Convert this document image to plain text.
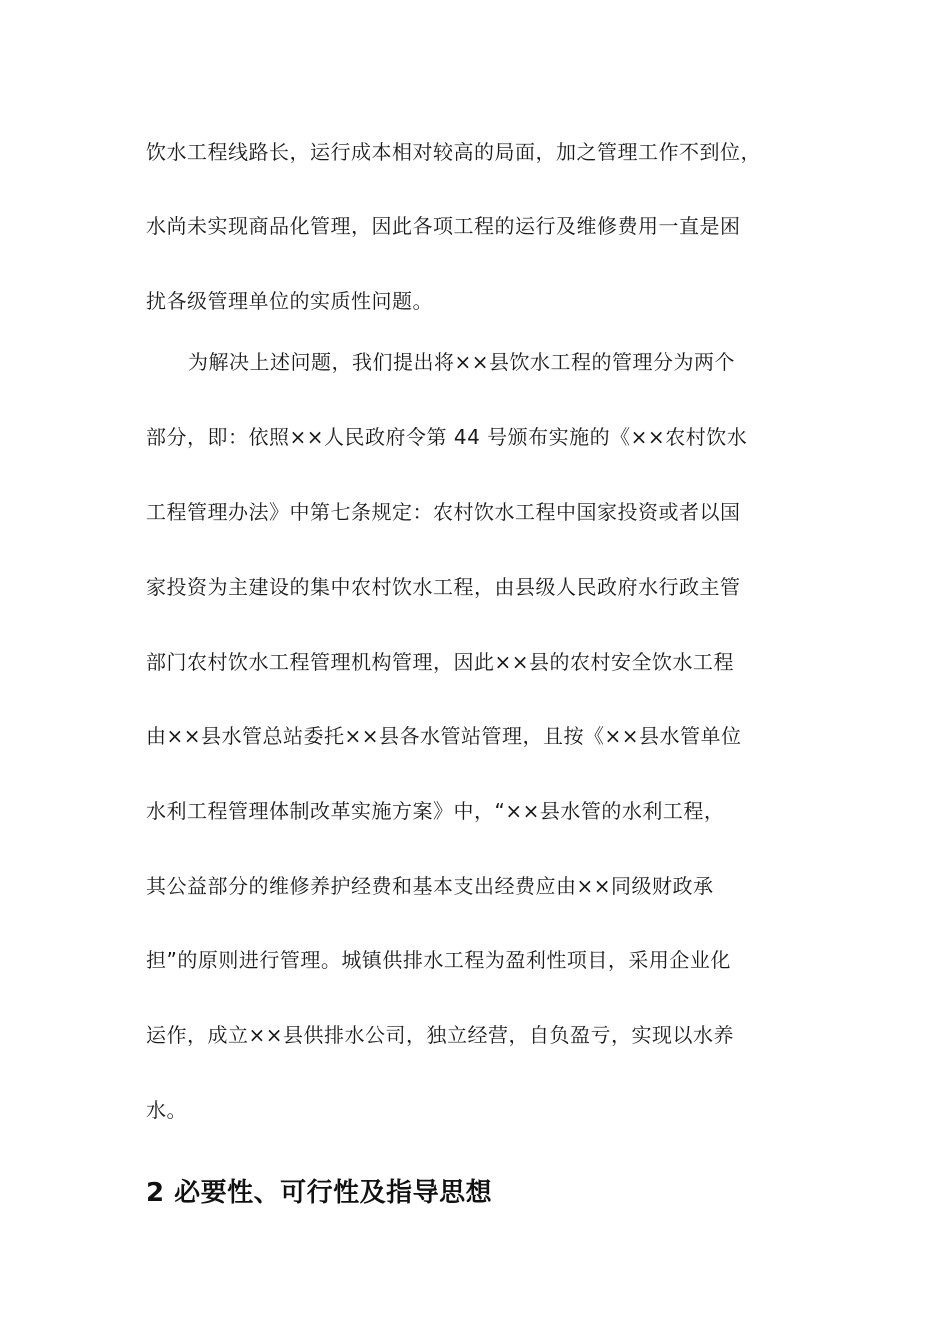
饮水工程线路长，运行成本相对较高的局面，加之管理工作不到位，
水尚未实现商品化管理，因此各项工程的运行及维修费用一直是困
扰各级管理单位的实质性问题。
为解决上述问题，我们提出将××县饮水工程的管理分为两个
部分，即：依照××人民政府令第 44 号颁布实施的《××农村饮水
工程管理办法》中第七条规定：农村饮水工程中国家投资或者以国
家投资为主建设的集中农村饮水工程，由县级人民政府水行政主管
部门农村饮水工程管理机构管理，因此××县的农村安全饮水工程
由××县水管总站委托××县各水管站管理，且按《××县水管单位
水利工程管理体制改革实施方案》中，“××县水管的水利工程，
其公益部分的维修养护经费和基本支出经费应由××同级财政承
担”的原则进行管理。城镇供排水工程为盈利性项目，采用企业化
运作，成立××县供排水公司，独立经营，自负盈亏，实现以水养
水。
2 必要性、可行性及指导思想
